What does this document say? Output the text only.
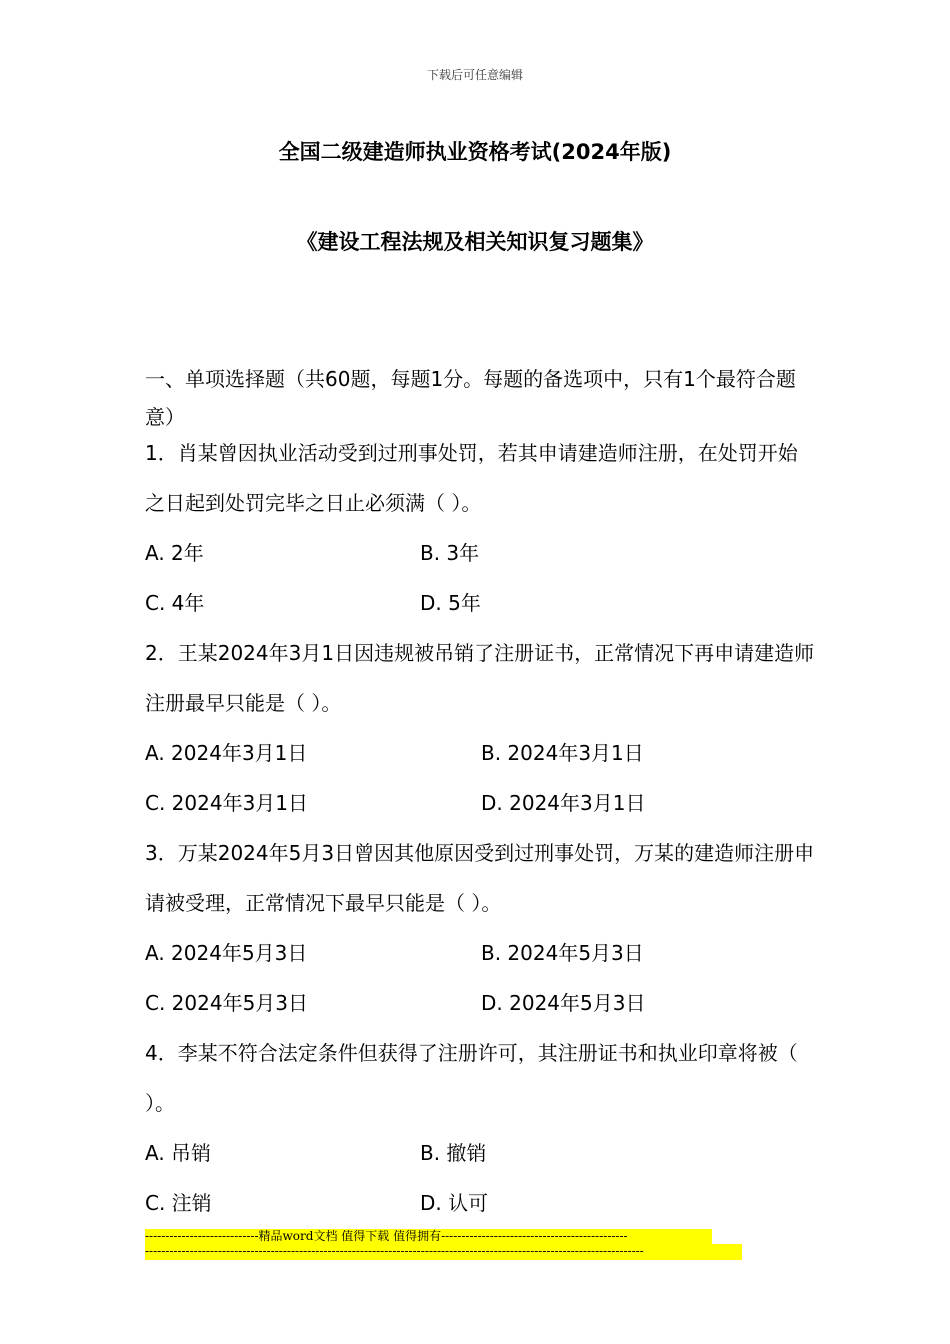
下载后可任意编辑
全国二级建造师执业资格考试(2024年版)
《建设工程法规及相关知识复习题集》
一、单项选择题（共60题，每题1分。每题的备选项中，只有1个最符合题意）

1．肖某曾因执业活动受到过刑事处罚，若其申请建造师注册，在处罚开始之日起到处罚完毕之日止必须满（ ）。

A. 2年	B. 3年
C. 4年	D. 5年

2．王某2024年3月1日因违规被吊销了注册证书，正常情况下再申请建造师注册最早只能是（ ）。

A. 2024年3月1日	B. 2024年3月1日
C. 2024年3月1日	D. 2024年3月1日

3．万某2024年5月3日曾因其他原因受到过刑事处罚，万某的建造师注册申请被受理，正常情况下最早只能是（ ）。

A. 2024年5月3日	B. 2024年5月3日
C. 2024年5月3日	D. 2024年5月3日

4．李某不符合法定条件但获得了注册许可，其注册证书和执业印章将被（ ）。

A. 吊销	B. 撤销
C. 注销	D. 认可
----------------------------精品word文档 值得下载 值得拥有----------------------------------------------
---------------------------------------------------------------------------------------------------------------------------
